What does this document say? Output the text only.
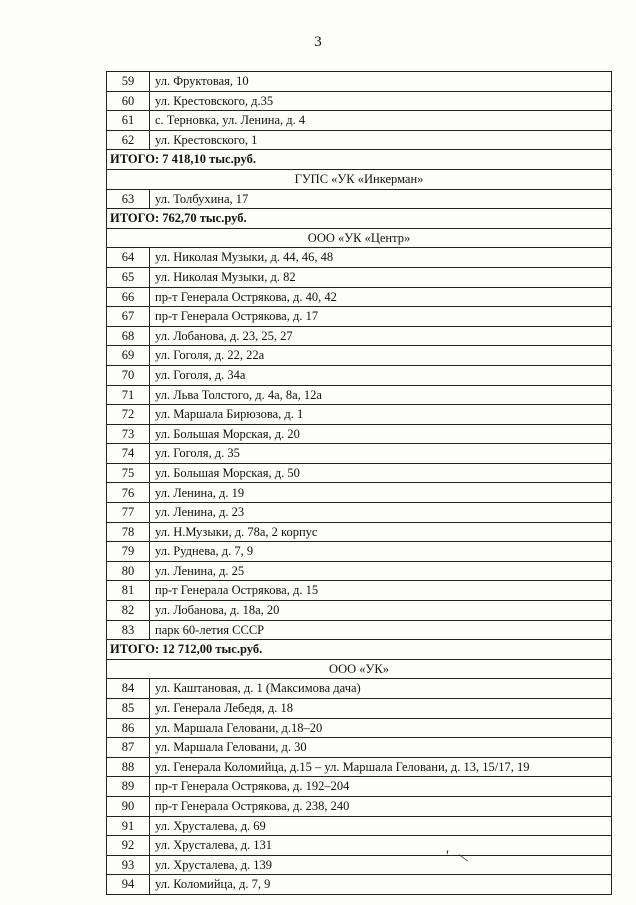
3
59	ул. Фруктовая, 10
60	ул. Крестовского, д.35
61	с. Терновка, ул. Ленина, д. 4
62	ул. Крестовского, 1
ИТОГО: 7 418,10 тыс.руб.	
ГУПС «УК «Инкерман»	
63	ул. Толбухина, 17
ИТОГО: 762,70 тыс.руб.	
ООО «УК «Центр»	
64	ул. Николая Музыки, д. 44, 46, 48
65	ул. Николая Музыки, д. 82
66	пр-т Генерала Острякова, д. 40, 42
67	пр-т Генерала Острякова, д. 17
68	ул. Лобанова, д. 23, 25, 27
69	ул. Гоголя, д. 22, 22а
70	ул. Гоголя, д. 34а
71	ул. Льва Толстого, д. 4а, 8а, 12а
72	ул. Маршала Бирюзова, д. 1
73	ул. Большая Морская, д. 20
74	ул. Гоголя, д. 35
75	ул. Большая Морская, д. 50
76	ул. Ленина, д. 19
77	ул. Ленина, д. 23
78	ул. Н.Музыки, д. 78а, 2 корпус
79	ул. Руднева, д. 7, 9
80	ул. Ленина, д. 25
81	пр-т Генерала Острякова, д. 15
82	ул. Лобанова, д. 18а, 20
83	парк 60-летия СССР
ИТОГО: 12 712,00 тыс.руб.	
ООО «УК»	
84	ул. Каштановая, д. 1 (Максимова дача)
85	ул. Генерала Лебедя, д. 18
86	ул. Маршала Геловани, д.18–20
87	ул. Маршала Геловани, д. 30
88	ул. Генерала Коломийца, д.15 – ул. Маршала Геловани, д. 13, 15/17, 19
89	пр-т Генерала Острякова, д. 192–204
90	пр-т Генерала Острякова, д. 238, 240
91	ул. Хрусталева, д. 69
92	ул. Хрусталева, д. 131
93	ул. Хрусталева, д. 139
94	ул. Коломийца, д. 7, 9
' \
